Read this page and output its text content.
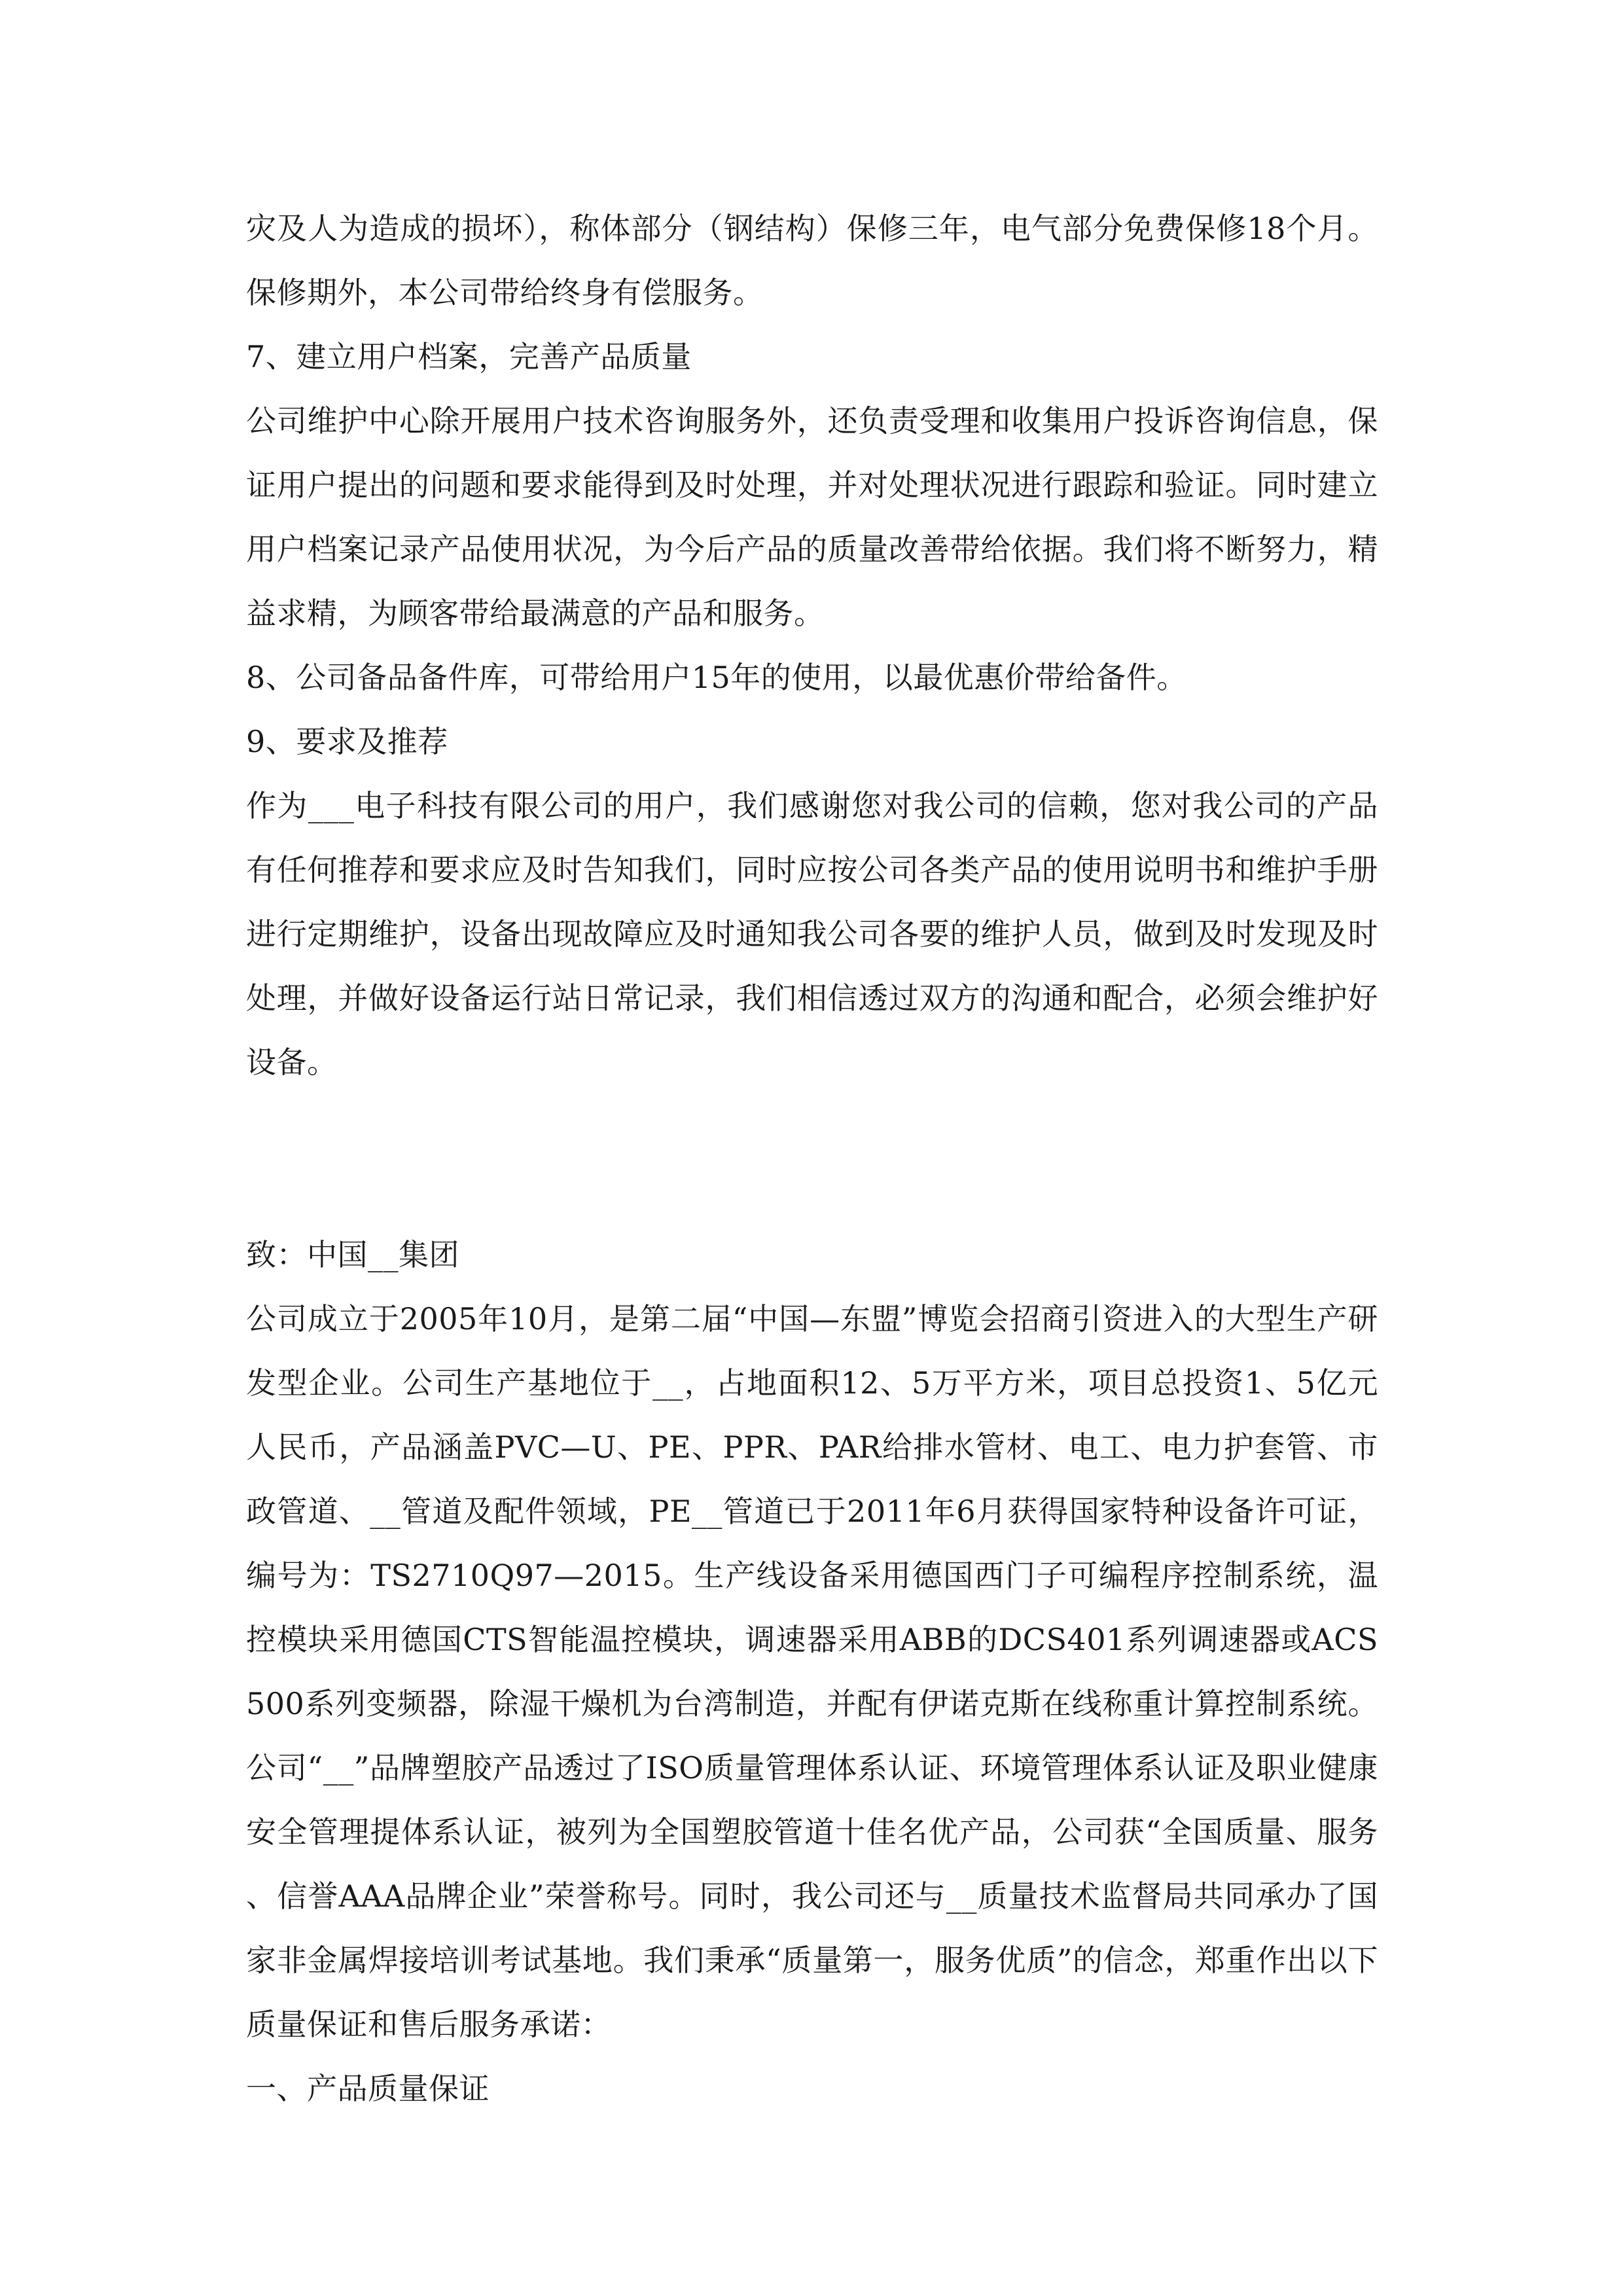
灾及人为造成的损坏），称体部分（钢结构）保修三年，电气部分免费保修18个月。保修期外，本公司带给终身有偿服务。

7、建立用户档案，完善产品质量

公司维护中心除开展用户技术咨询服务外，还负责受理和收集用户投诉咨询信息，保证用户提出的问题和要求能得到及时处理，并对处理状况进行跟踪和验证。同时建立用户档案记录产品使用状况，为今后产品的质量改善带给依据。我们将不断努力，精益求精，为顾客带给最满意的产品和服务。

8、公司备品备件库，可带给用户15年的使用，以最优惠价带给备件。

9、要求及推荐

作为___电子科技有限公司的用户，我们感谢您对我公司的信赖，您对我公司的产品有任何推荐和要求应及时告知我们，同时应按公司各类产品的使用说明书和维护手册进行定期维护，设备出现故障应及时通知我公司各要的维护人员，做到及时发现及时处理，并做好设备运行站日常记录，我们相信透过双方的沟通和配合，必须会维护好设备。

致：中国__集团

公司成立于2005年10月，是第二届“中国—东盟”博览会招商引资进入的大型生产研发型企业。公司生产基地位于__，占地面积12、5万平方米，项目总投资1、5亿元人民币，产品涵盖PVC—U、PE、PPR、PAR给排水管材、电工、电力护套管、市政管道、__管道及配件领域，PE__管道已于2011年6月获得国家特种设备许可证，编号为：TS2710Q97—2015。生产线设备采用德国西门子可编程序控制系统，温控模块采用德国CTS智能温控模块，调速器采用ABB的DCS401系列调速器或ACS500系列变频器，除湿干燥机为台湾制造，并配有伊诺克斯在线称重计算控制系统。公司“__”品牌塑胶产品透过了ISO质量管理体系认证、环境管理体系认证及职业健康安全管理提体系认证，被列为全国塑胶管道十佳名优产品，公司获“全国质量、服务、信誉AAA品牌企业”荣誉称号。同时，我公司还与__质量技术监督局共同承办了国家非金属焊接培训考试基地。我们秉承“质量第一，服务优质”的信念，郑重作出以下质量保证和售后服务承诺：

一、产品质量保证
